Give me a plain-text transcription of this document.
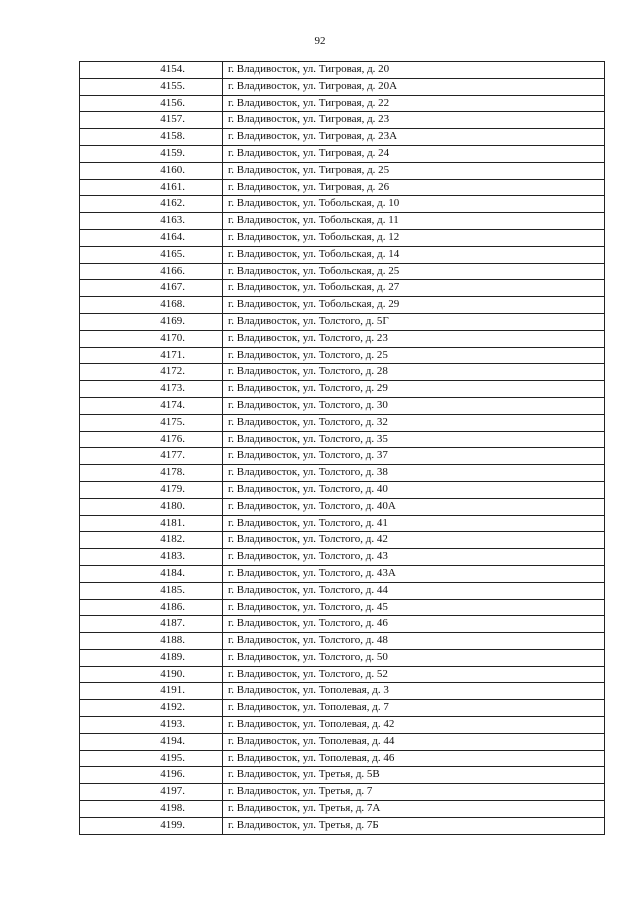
92
4154.	г. Владивосток, ул. Тигровая, д. 20
4155.	г. Владивосток, ул. Тигровая, д. 20А
4156.	г. Владивосток, ул. Тигровая, д. 22
4157.	г. Владивосток, ул. Тигровая, д. 23
4158.	г. Владивосток, ул. Тигровая, д. 23А
4159.	г. Владивосток, ул. Тигровая, д. 24
4160.	г. Владивосток, ул. Тигровая, д. 25
4161.	г. Владивосток, ул. Тигровая, д. 26
4162.	г. Владивосток, ул. Тобольская, д. 10
4163.	г. Владивосток, ул. Тобольская, д. 11
4164.	г. Владивосток, ул. Тобольская, д. 12
4165.	г. Владивосток, ул. Тобольская, д. 14
4166.	г. Владивосток, ул. Тобольская, д. 25
4167.	г. Владивосток, ул. Тобольская, д. 27
4168.	г. Владивосток, ул. Тобольская, д. 29
4169.	г. Владивосток, ул. Толстого, д. 5Г
4170.	г. Владивосток, ул. Толстого, д. 23
4171.	г. Владивосток, ул. Толстого, д. 25
4172.	г. Владивосток, ул. Толстого, д. 28
4173.	г. Владивосток, ул. Толстого, д. 29
4174.	г. Владивосток, ул. Толстого, д. 30
4175.	г. Владивосток, ул. Толстого, д. 32
4176.	г. Владивосток, ул. Толстого, д. 35
4177.	г. Владивосток, ул. Толстого, д. 37
4178.	г. Владивосток, ул. Толстого, д. 38
4179.	г. Владивосток, ул. Толстого, д. 40
4180.	г. Владивосток, ул. Толстого, д. 40А
4181.	г. Владивосток, ул. Толстого, д. 41
4182.	г. Владивосток, ул. Толстого, д. 42
4183.	г. Владивосток, ул. Толстого, д. 43
4184.	г. Владивосток, ул. Толстого, д. 43А
4185.	г. Владивосток, ул. Толстого, д. 44
4186.	г. Владивосток, ул. Толстого, д. 45
4187.	г. Владивосток, ул. Толстого, д. 46
4188.	г. Владивосток, ул. Толстого, д. 48
4189.	г. Владивосток, ул. Толстого, д. 50
4190.	г. Владивосток, ул. Толстого, д. 52
4191.	г. Владивосток, ул. Тополевая, д. 3
4192.	г. Владивосток, ул. Тополевая, д. 7
4193.	г. Владивосток, ул. Тополевая, д. 42
4194.	г. Владивосток, ул. Тополевая, д. 44
4195.	г. Владивосток, ул. Тополевая, д. 46
4196.	г. Владивосток, ул. Третья, д. 5В
4197.	г. Владивосток, ул. Третья, д. 7
4198.	г. Владивосток, ул. Третья, д. 7А
4199.	г. Владивосток, ул. Третья, д. 7Б
